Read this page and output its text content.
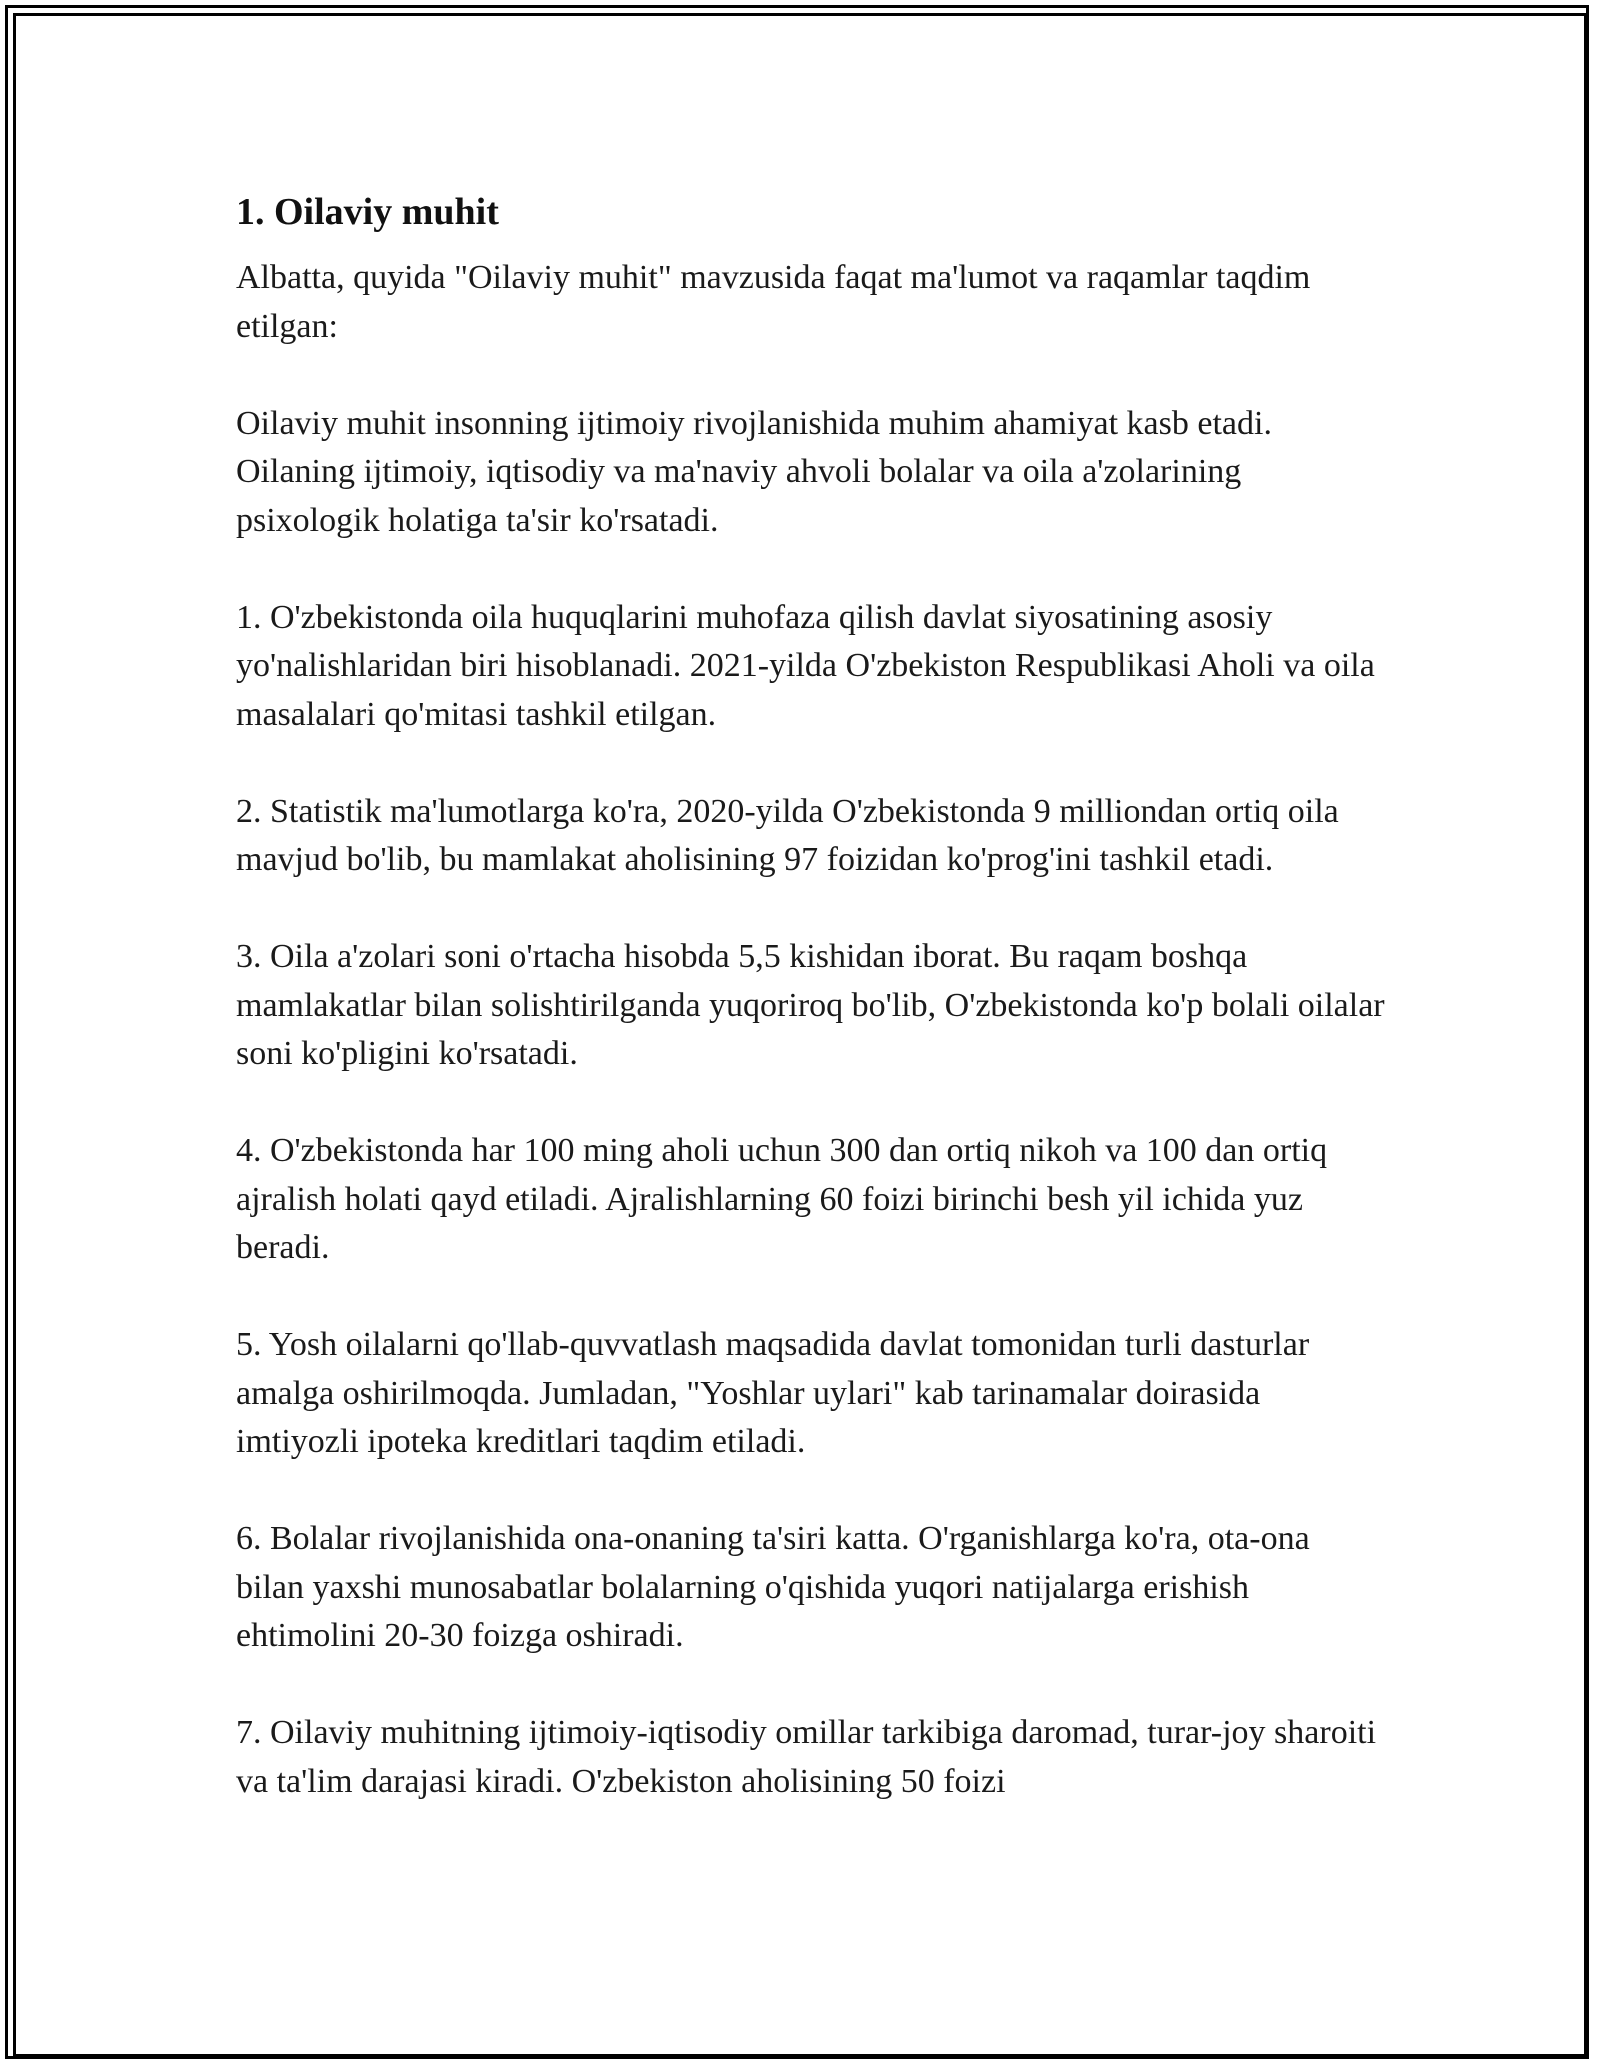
1. Oilaviy muhit

Albatta, quyida "Oilaviy muhit" mavzusida faqat ma'lumot va raqamlar taqdim etilgan:

Oilaviy muhit insonning ijtimoiy rivojlanishida muhim ahamiyat kasb etadi. Oilaning ijtimoiy, iqtisodiy va ma'naviy ahvoli bolalar va oila a'zolarining psixologik holatiga ta'sir ko'rsatadi.

1. O'zbekistonda oila huquqlarini muhofaza qilish davlat siyosatining asosiy yo'nalishlaridan biri hisoblanadi. 2021-yilda O'zbekiston Respublikasi Aholi va oila masalalari qo'mitasi tashkil etilgan.

2. Statistik ma'lumotlarga ko'ra, 2020-yilda O'zbekistonda 9 milliondan ortiq oila mavjud bo'lib, bu mamlakat aholisining 97 foizidan ko'prog'ini tashkil etadi.

3. Oila a'zolari soni o'rtacha hisobda 5,5 kishidan iborat. Bu raqam boshqa mamlakatlar bilan solishtirilganda yuqoriroq bo'lib, O'zbekistonda ko'p bolali oilalar soni ko'pligini ko'rsatadi.

4. O'zbekistonda har 100 ming aholi uchun 300 dan ortiq nikoh va 100 dan ortiq ajralish holati qayd etiladi. Ajralishlarning 60 foizi birinchi besh yil ichida yuz beradi.

5. Yosh oilalarni qo'llab-quvvatlash maqsadida davlat tomonidan turli dasturlar amalga oshirilmoqda. Jumladan, "Yoshlar uylari" kab tarinamalar doirasida imtiyozli ipoteka kreditlari taqdim etiladi.

6. Bolalar rivojlanishida ona-onaning ta'siri katta. O'rganishlarga ko'ra, ota-ona bilan yaxshi munosabatlar bolalarning o'qishida yuqori natijalarga erishish ehtimolini 20-30 foizga oshiradi.

7. Oilaviy muhitning ijtimoiy-iqtisodiy omillar tarkibiga daromad, turar-joy sharoiti va ta'lim darajasi kiradi. O'zbekiston aholisining 50 foizi
